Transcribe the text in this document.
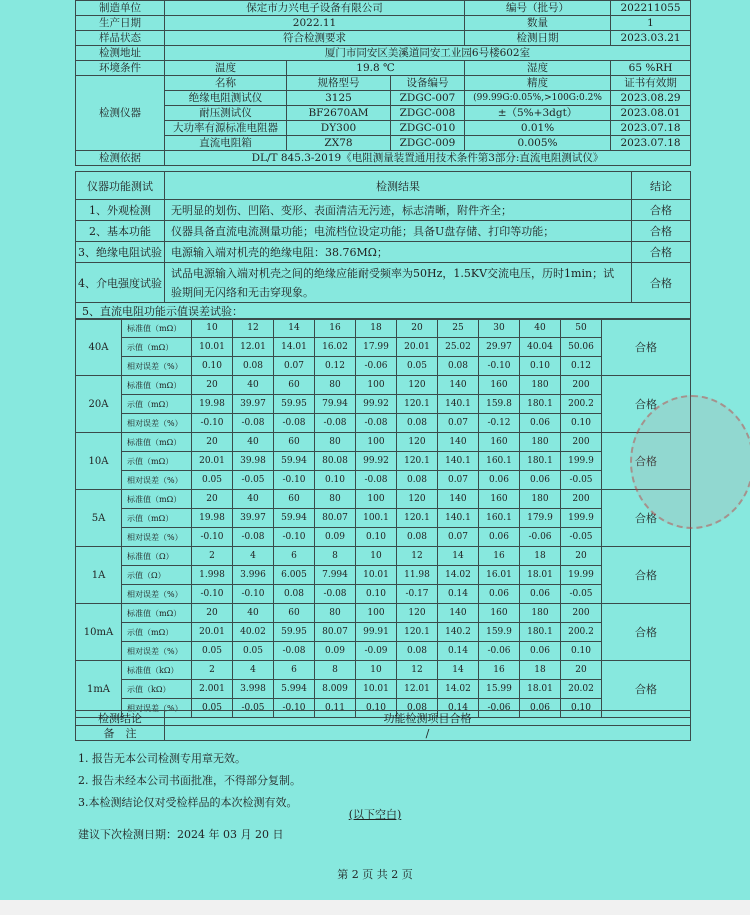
制造单位	保定市力兴电子设备有限公司			编号（批号）	202211055
生产日期	2022.11			数量	1
样品状态	符合检测要求			检测日期	2023.03.21
检测地址	厦门市同安区美溪道同安工业园6号楼602室				
环境条件	温度	19.8 ℃		湿度	65 %RH
检测仪器	名称	规格型号	设备编号	精度	证书有效期
	绝缘电阻测试仪	3125	ZDGC-007	(99.99G:0.05%,>100G:0.2%	2023.08.29
	耐压测试仪	BF2670AM	ZDGC-008	±（5%+3dgt）	2023.08.01
	大功率有源标准电阻器	DY300	ZDGC-010	0.01%	2023.07.18
	直流电阻箱	ZX78	ZDGC-009	0.005%	2023.07.18
检测依据	DL/T 845.3-2019《电阻测量装置通用技术条件第3部分:直流电阻测试仪》				
仪器功能测试	检测结果	结论
1、外观检测	无明显的划伤、凹陷、变形、表面清洁无污迹，标志清晰，附件齐全；	合格
2、基本功能	仪器具备直流电流测量功能；电流档位设定功能；具备U盘存储、打印等功能；	合格
3、绝缘电阻试验	电源输入端对机壳的绝缘电阻：38.76MΩ；	合格
4、介电强度试验	试品电源输入端对机壳之间的绝缘应能耐受频率为50Hz，1.5KV交流电压，历时1min；试
验期间无闪络和无击穿现象。	合格
5、直流电阻功能示值误差试验：		
40A	标准值（mΩ）	10	12	14	16	18	20	25	30	40	50	合格
	示值（mΩ）	10.01	12.01	14.01	16.02	17.99	20.01	25.02	29.97	40.04	50.06	
	相对误差（%）	0.10	0.08	0.07	0.12	-0.06	0.05	0.08	-0.10	0.10	0.12	
20A	标准值（mΩ）	20	40	60	80	100	120	140	160	180	200	合格
	示值（mΩ）	19.98	39.97	59.95	79.94	99.92	120.1	140.1	159.8	180.1	200.2	
	相对误差（%）	-0.10	-0.08	-0.08	-0.08	-0.08	0.08	0.07	-0.12	0.06	0.10	
10A	标准值（mΩ）	20	40	60	80	100	120	140	160	180	200	合格
	示值（mΩ）	20.01	39.98	59.94	80.08	99.92	120.1	140.1	160.1	180.1	199.9	
	相对误差（%）	0.05	-0.05	-0.10	0.10	-0.08	0.08	0.07	0.06	0.06	-0.05	
5A	标准值（mΩ）	20	40	60	80	100	120	140	160	180	200	合格
	示值（mΩ）	19.98	39.97	59.94	80.07	100.1	120.1	140.1	160.1	179.9	199.9	
	相对误差（%）	-0.10	-0.08	-0.10	0.09	0.10	0.08	0.07	0.06	-0.06	-0.05	
1A	标准值（Ω）	2	4	6	8	10	12	14	16	18	20	合格
	示值（Ω）	1.998	3.996	6.005	7.994	10.01	11.98	14.02	16.01	18.01	19.99	
	相对误差（%）	-0.10	-0.10	0.08	-0.08	0.10	-0.17	0.14	0.06	0.06	-0.05	
10mA	标准值（mΩ）	20	40	60	80	100	120	140	160	180	200	合格
	示值（mΩ）	20.01	40.02	59.95	80.07	99.91	120.1	140.2	159.9	180.1	200.2	
	相对误差（%）	0.05	0.05	-0.08	0.09	-0.09	0.08	0.14	-0.06	0.06	0.10	
1mA	标准值（kΩ）	2	4	6	8	10	12	14	16	18	20	合格
	示值（kΩ）	2.001	3.998	5.994	8.009	10.01	12.01	14.02	15.99	18.01	20.02	
	相对误差（%）	0.05	-0.05	-0.10	0.11	0.10	0.08	0.14	-0.06	0.06	0.10	
检测结论	功能检测项目合格
备　注	/
1. 报告无本公司检测专用章无效。
2. 报告未经本公司书面批准，不得部分复制。
3.本检测结论仅对受检样品的本次检测有效。
(以下空白)
建议下次检测日期：2024 年 03 月 20 日
第 2 页 共 2 页
